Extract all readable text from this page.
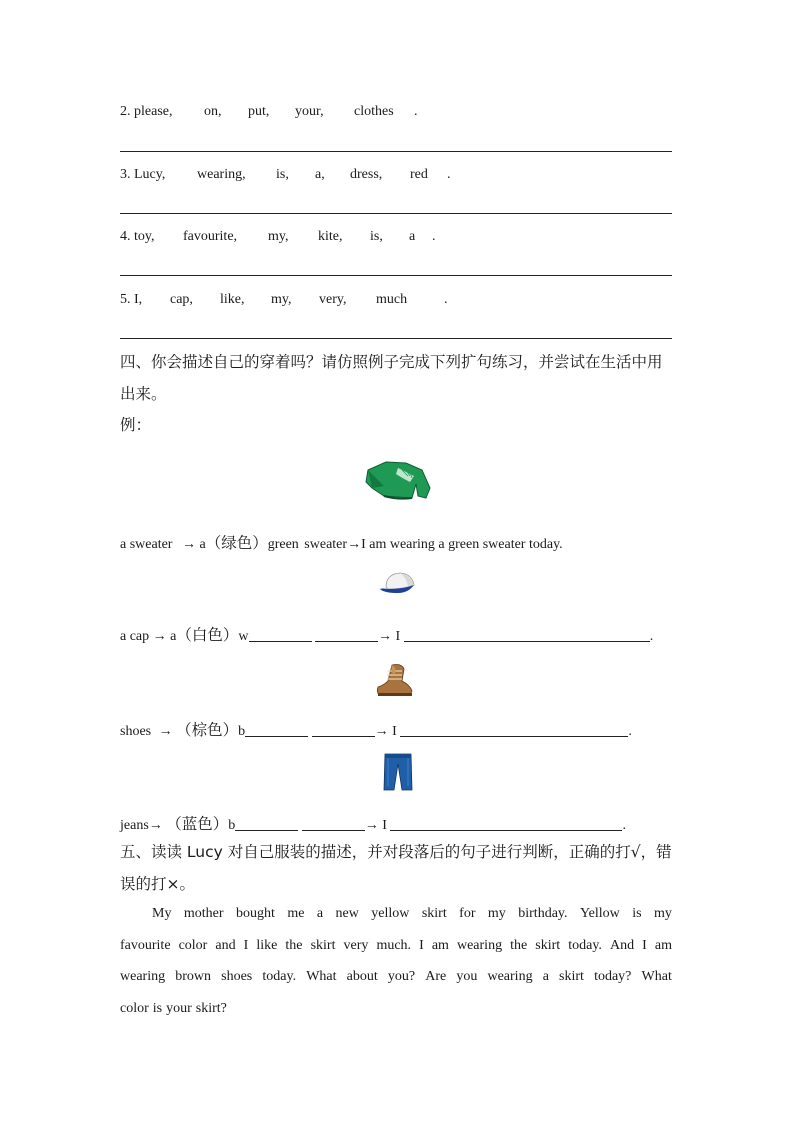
2. please, on, put, your, clothes .
3. Lucy, wearing, is, a, dress, red .
4. toy, favourite, my, kite, is, a .
5. I, cap, like, my, very, much	.
四、你会描述自己的穿着吗？请仿照例子完成下列扩句练习，并尝试在生活中用
出来。
例：
a sweater → a（绿色）green sweater→I am wearing a green sweater today.
a cap → a（白色）w	→ I	.
shoes → （棕色）b	→ I	.
jeans→ （蓝色）b	→ I	.
五、读读 Lucy 对自己服装的描述，并对段落后的句子进行判断，正确的打√，错
误的打×。
My mother bought me a new yellow skirt for my birthday. Yellow is my
favourite color and I like the skirt very much. I am wearing the skirt today. And I am
wearing brown shoes today. What about you? Are you wearing a skirt today? What
color is your skirt?
